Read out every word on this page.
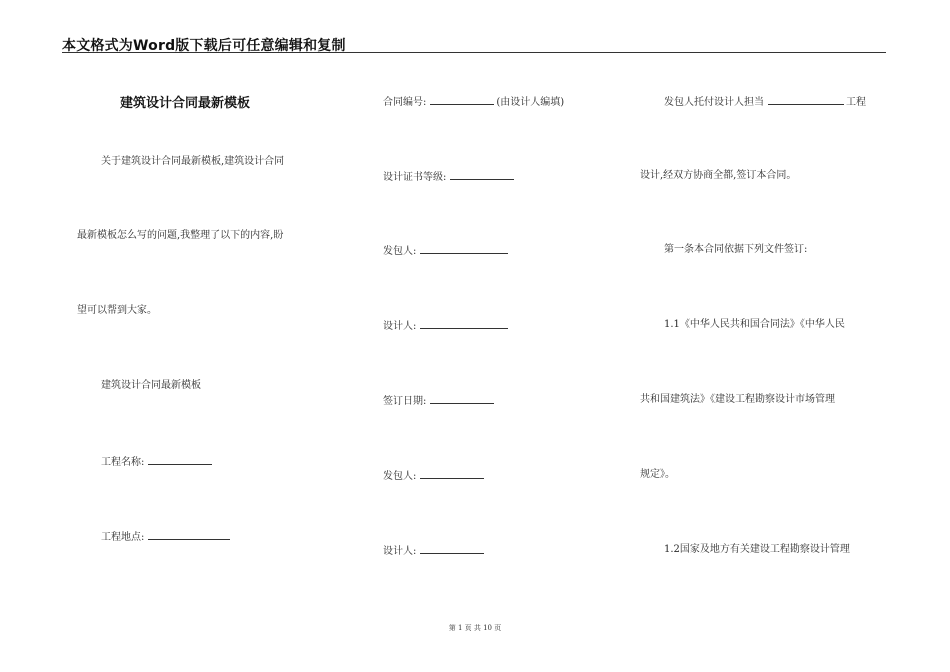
本文格式为Word版下载后可任意编辑和复制
建筑设计合同最新模板
关于建筑设计合同最新模板,建筑设计合同
最新模板怎么写的问题,我整理了以下的内容,盼
望可以帮到大家。
建筑设计合同最新模板
工程名称:
工程地点:
合同编号:	(由设计人编填)
设计证书等级:
发包人:
设计人:
签订日期:
发包人:
设计人:
发包人托付设计人担当	工程
设计,经双方协商全都,签订本合同。
第一条本合同依据下列文件签订:
1.1《中华人民共和国合同法》《中华人民
共和国建筑法》《建设工程勘察设计市场管理
规定》。
1.2国家及地方有关建设工程勘察设计管理
第 1 页 共 10 页
